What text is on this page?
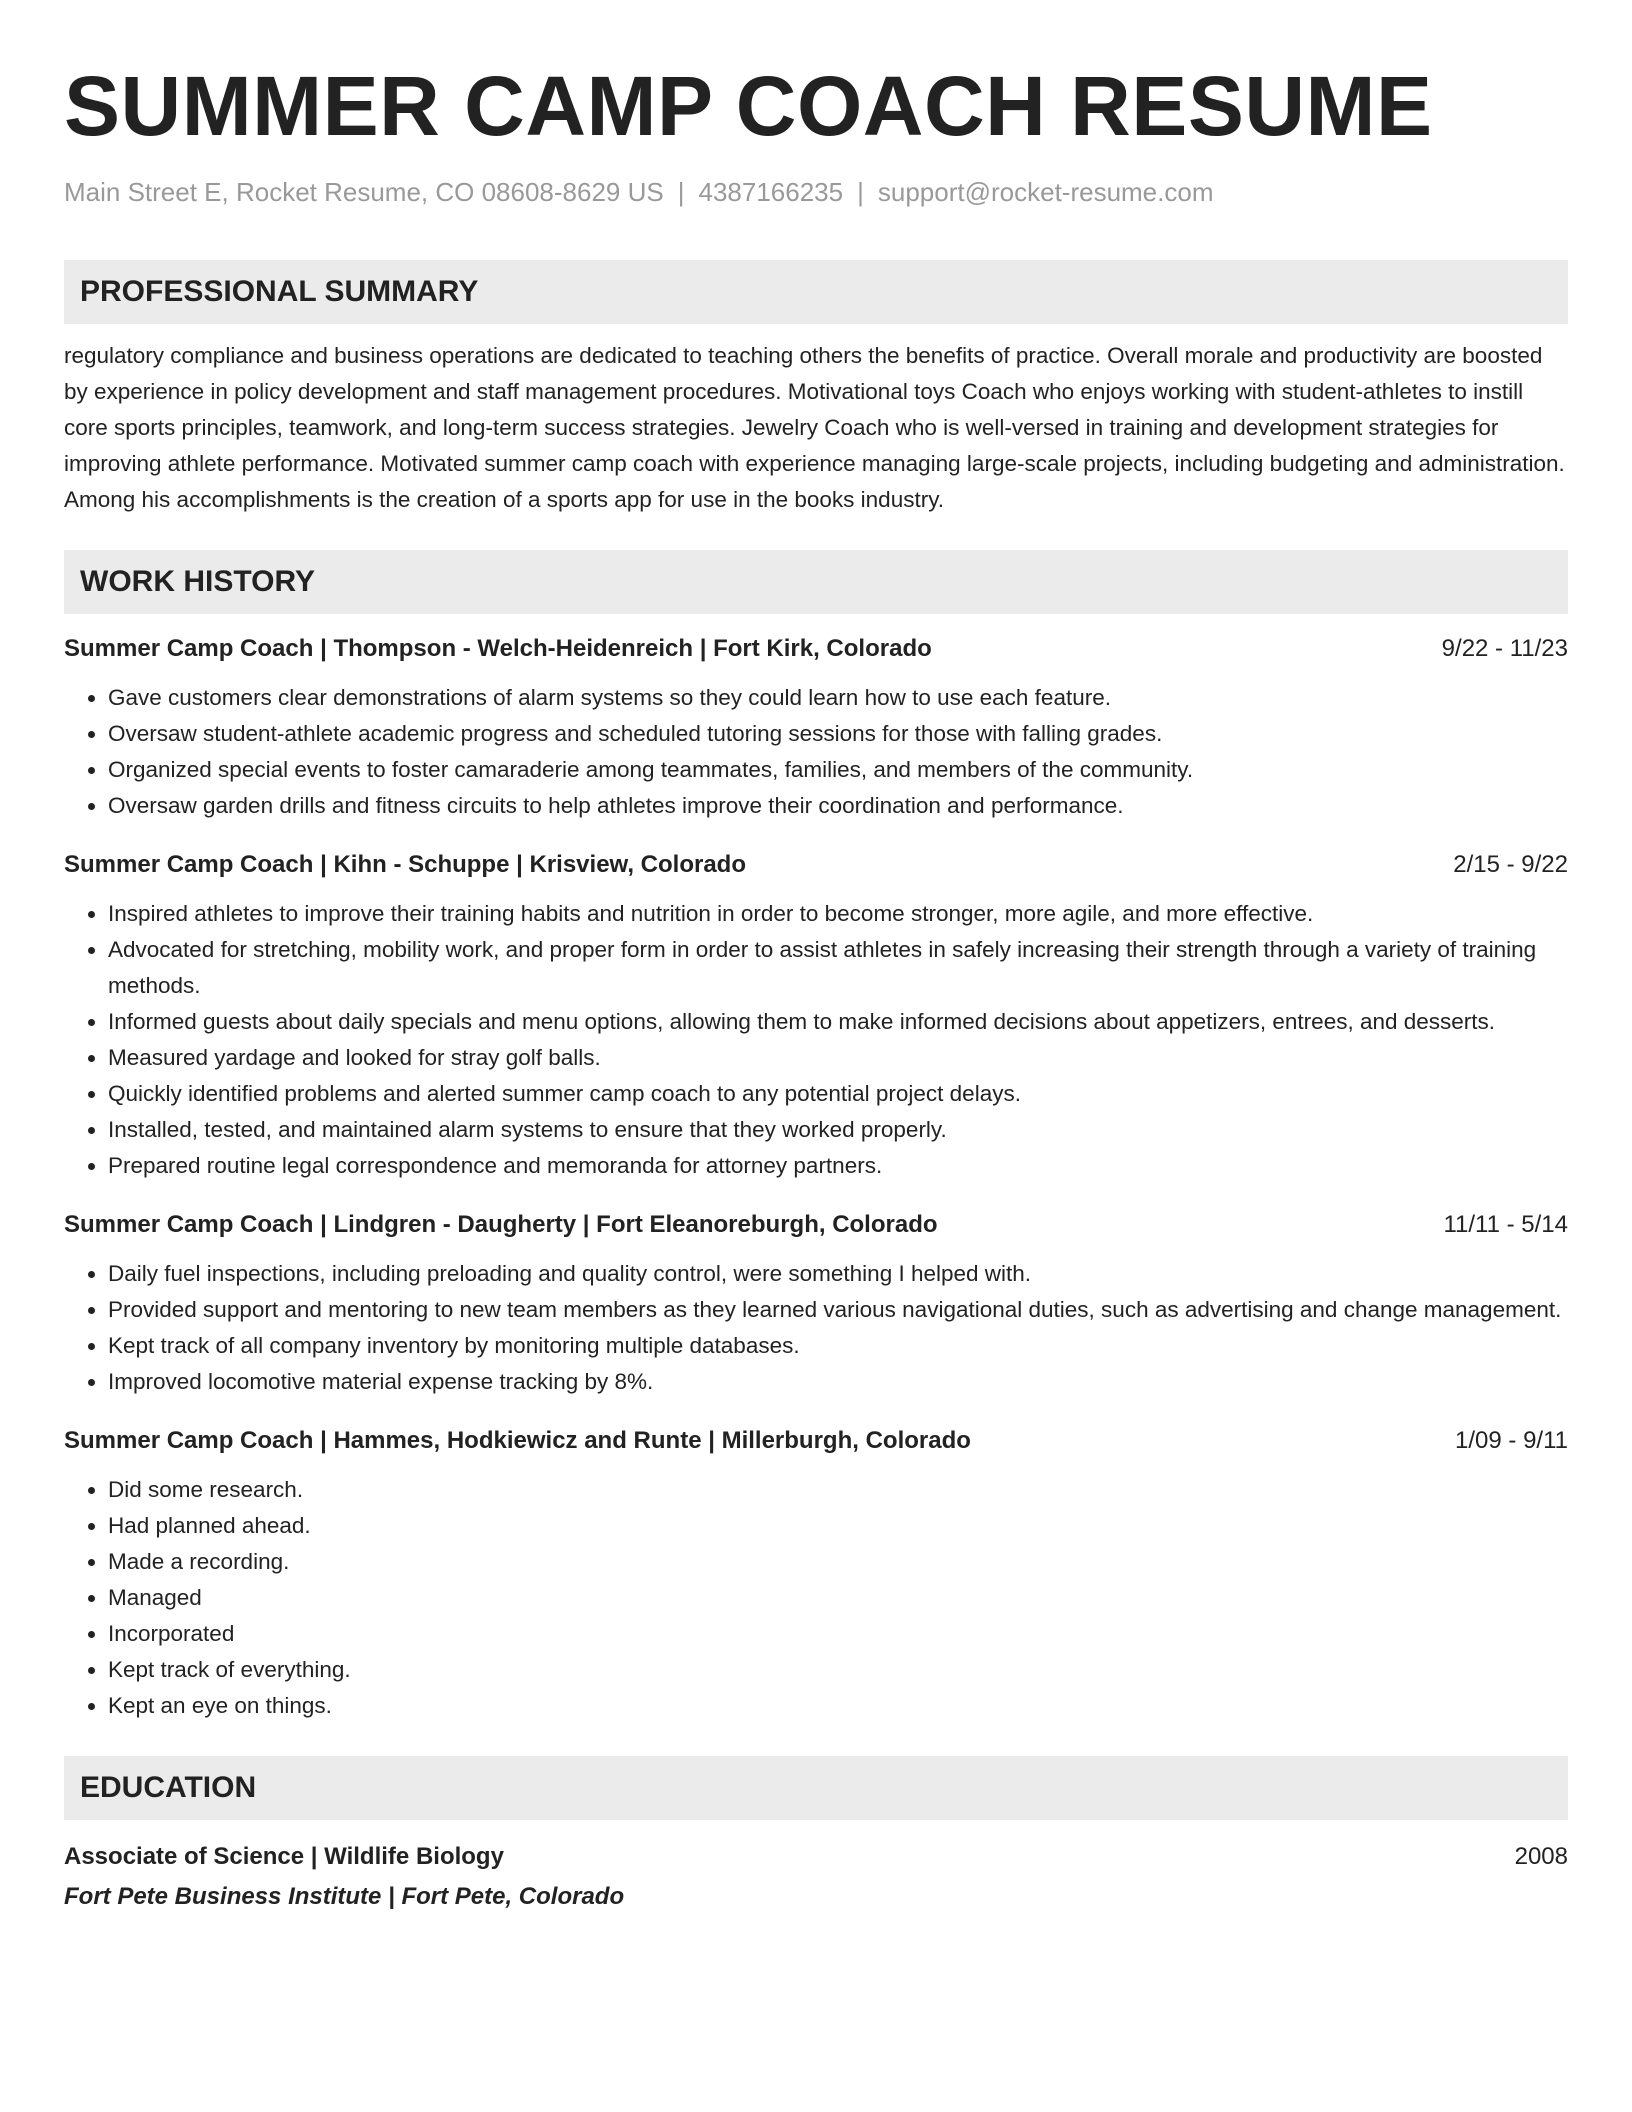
SUMMER CAMP COACH RESUME
Main Street E, Rocket Resume, CO 08608-8629 US | 4387166235 | support@rocket-resume.com
PROFESSIONAL SUMMARY
regulatory compliance and business operations are dedicated to teaching others the benefits of practice. Overall morale and productivity are boosted by experience in policy development and staff management procedures. Motivational toys Coach who enjoys working with student-athletes to instill core sports principles, teamwork, and long-term success strategies. Jewelry Coach who is well-versed in training and development strategies for improving athlete performance. Motivated summer camp coach with experience managing large-scale projects, including budgeting and administration. Among his accomplishments is the creation of a sports app for use in the books industry.
WORK HISTORY
Summer Camp Coach | Thompson - Welch-Heidenreich | Fort Kirk, Colorado	9/22 - 11/23
• Gave customers clear demonstrations of alarm systems so they could learn how to use each feature.
• Oversaw student-athlete academic progress and scheduled tutoring sessions for those with falling grades.
• Organized special events to foster camaraderie among teammates, families, and members of the community.
• Oversaw garden drills and fitness circuits to help athletes improve their coordination and performance.
Summer Camp Coach | Kihn - Schuppe | Krisview, Colorado	2/15 - 9/22
• Inspired athletes to improve their training habits and nutrition in order to become stronger, more agile, and more effective.
• Advocated for stretching, mobility work, and proper form in order to assist athletes in safely increasing their strength through a variety of training methods.
• Informed guests about daily specials and menu options, allowing them to make informed decisions about appetizers, entrees, and desserts.
• Measured yardage and looked for stray golf balls.
• Quickly identified problems and alerted summer camp coach to any potential project delays.
• Installed, tested, and maintained alarm systems to ensure that they worked properly.
• Prepared routine legal correspondence and memoranda for attorney partners.
Summer Camp Coach | Lindgren - Daugherty | Fort Eleanoreburgh, Colorado	11/11 - 5/14
• Daily fuel inspections, including preloading and quality control, were something I helped with.
• Provided support and mentoring to new team members as they learned various navigational duties, such as advertising and change management.
• Kept track of all company inventory by monitoring multiple databases.
• Improved locomotive material expense tracking by 8%.
Summer Camp Coach | Hammes, Hodkiewicz and Runte | Millerburgh, Colorado	1/09 - 9/11
• Did some research.
• Had planned ahead.
• Made a recording.
• Managed
• Incorporated
• Kept track of everything.
• Kept an eye on things.
EDUCATION
Associate of Science | Wildlife Biology	2008
Fort Pete Business Institute | Fort Pete, Colorado
